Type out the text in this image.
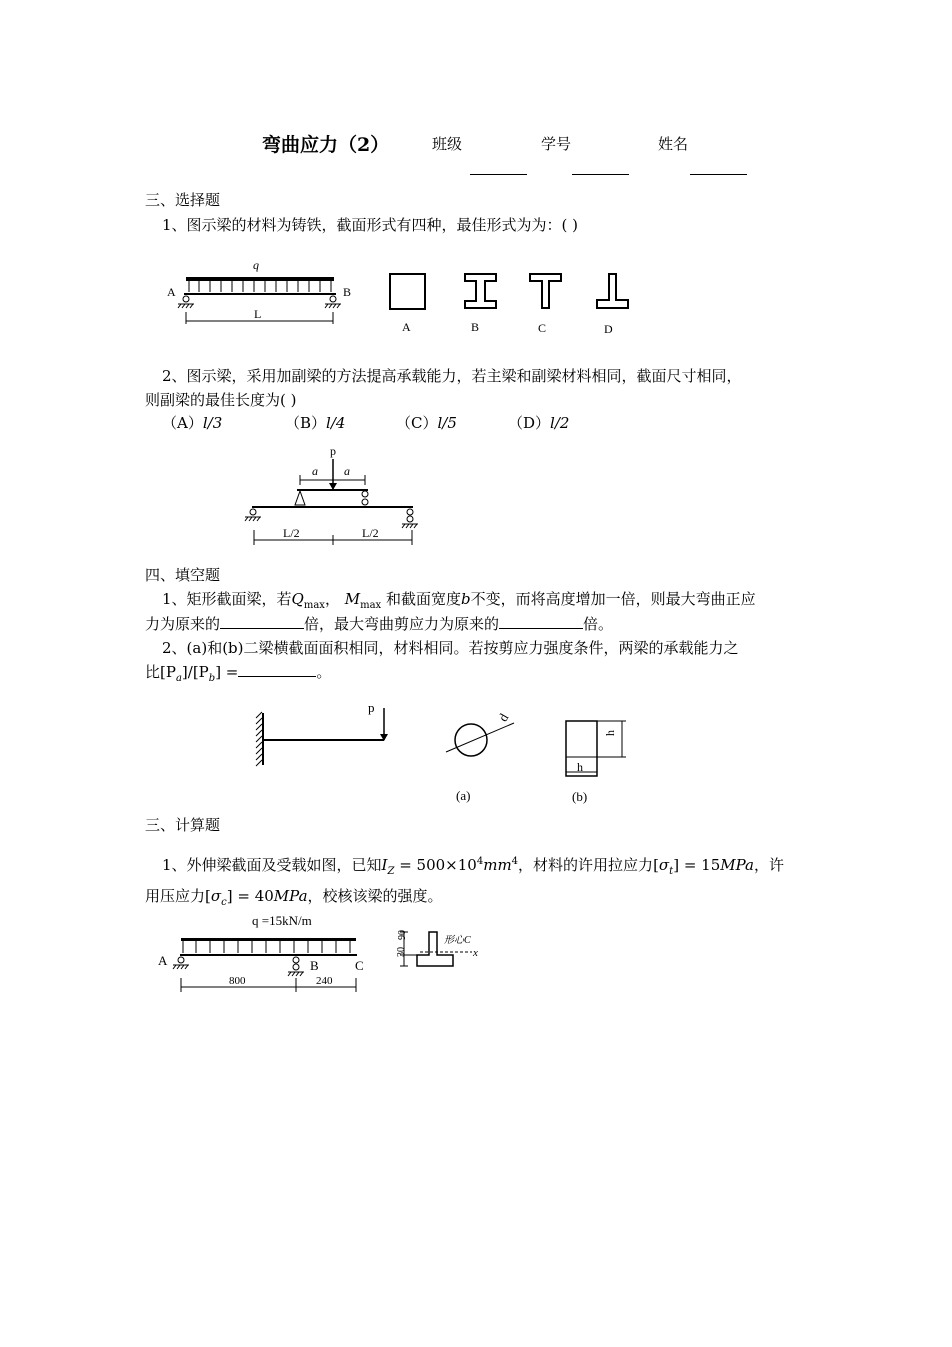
弯曲应力（2）	班级	学号	姓名
三、选择题
1、图示梁的材料为铸铁，截面形式有四种，最佳形式为为：( )
q
A	B
L
A	B	C	D
2、图示梁，采用加副梁的方法提高承载能力，若主梁和副梁材料相同，截面尺寸相同，
则副梁的最佳长度为( )
（A）l/3	（B）l/4	（C）l/5	（D）l/2
p
a a
L/2	L/2
四、填空题
1、矩形截面梁，若$Q_{max}$， $M_{max}$ 和截面宽度b不变，而将高度增加一倍，则最大弯曲正应
力为原来的	倍，最大弯曲剪应力为原来的	倍。
2、(a)和(b)二梁横截面面积相同，材料相同。若按剪应力强度条件，两梁的承载能力之
比$[P_a]/[P_b]$ =	。
p
d
h
h
(a)	(b)
三、计算题
1、外伸梁截面及受载如图，已知$I_Z = 500\times 10^4mm^4$，材料的许用拉应力$[\sigma_t] = 15MPa$，许
用压应力$[\sigma_c] = 40MPa$，校核该梁的强度。
q =15kN/m
A	B	C
800	240
90
30
形心C
x
